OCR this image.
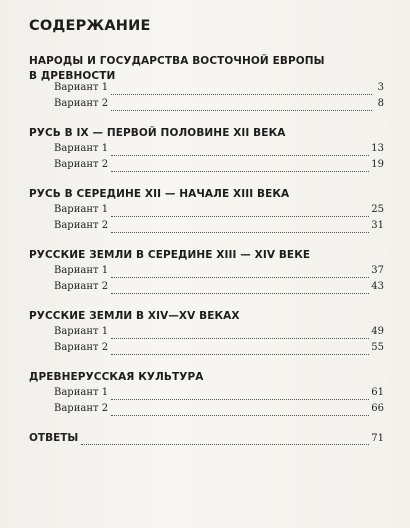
СОДЕРЖАНИЕ
НАРОДЫ И ГОСУДАРСТВА ВОСТОЧНОЙ ЕВРОПЫ
В ДРЕВНОСТИ
Вариант 1	3
Вариант 2	8
РУСЬ В IX — ПЕРВОЙ ПОЛОВИНЕ XII ВЕКА
Вариант 1	13
Вариант 2	19
РУСЬ В СЕРЕДИНЕ XII — НАЧАЛЕ XIII ВЕКА
Вариант 1	25
Вариант 2	31
РУССКИЕ ЗЕМЛИ В СЕРЕДИНЕ XIII — XIV ВЕКЕ
Вариант 1	37
Вариант 2	43
РУССКИЕ ЗЕМЛИ В XIV—XV ВЕКАХ
Вариант 1	49
Вариант 2	55
ДРЕВНЕРУССКАЯ КУЛЬТУРА
Вариант 1	61
Вариант 2	66
ОТВЕТЫ	71
